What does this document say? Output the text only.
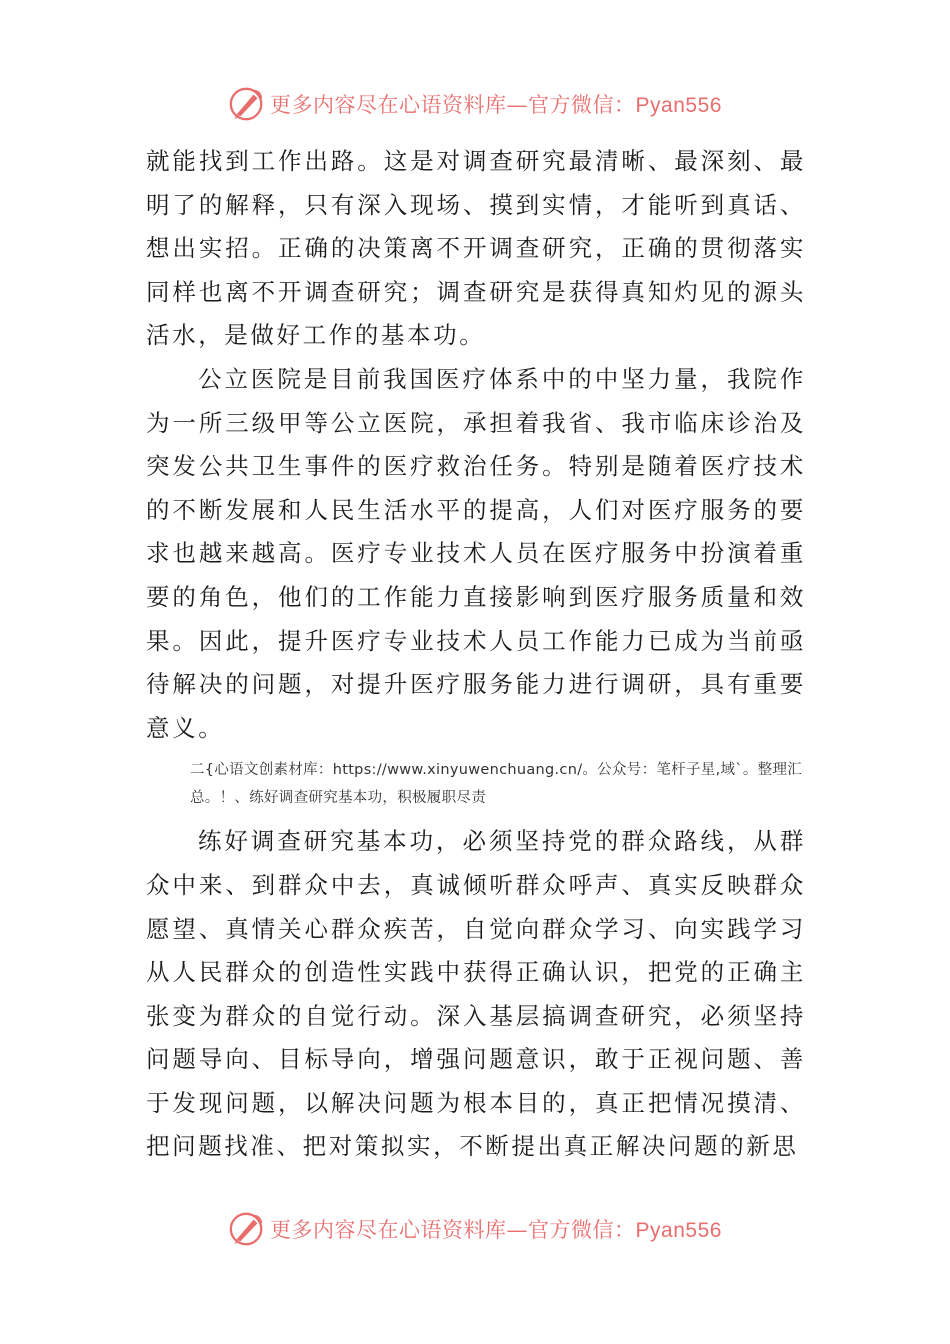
更多内容尽在心语资料库—官方微信：Pyan556

就能找到工作出路。这是对调查研究最清晰、最深刻、最明了的解释，只有深入现场、摸到实情，才能听到真话、想出实招。正确的决策离不开调查研究，正确的贯彻落实同样也离不开调查研究；调查研究是获得真知灼见的源头活水，是做好工作的基本功。

公立医院是目前我国医疗体系中的中坚力量，我院作为一所三级甲等公立医院，承担着我省、我市临床诊治及突发公共卫生事件的医疗救治任务。特别是随着医疗技术的不断发展和人民生活水平的提高，人们对医疗服务的要求也越来越高。医疗专业技术人员在医疗服务中扮演着重要的角色，他们的工作能力直接影响到医疗服务质量和效果。因此，提升医疗专业技术人员工作能力已成为当前亟待解决的问题，对提升医疗服务能力进行调研，具有重要意义。

二{心语文创素材库：https://www.xinyuwenchuang.cn/。公众号：笔杆子星,域`。整理汇总。！、练好调查研究基本功，积极履职尽责

练好调查研究基本功，必须坚持党的群众路线，从群众中来、到群众中去，真诚倾听群众呼声、真实反映群众愿望、真情关心群众疾苦，自觉向群众学习、向实践学习从人民群众的创造性实践中获得正确认识，把党的正确主张变为群众的自觉行动。深入基层搞调查研究，必须坚持问题导向、目标导向，增强问题意识，敢于正视问题、善于发现问题，以解决问题为根本目的，真正把情况摸清、把问题找准、把对策拟实，不断提出真正解决问题的新思

更多内容尽在心语资料库—官方微信：Pyan556
